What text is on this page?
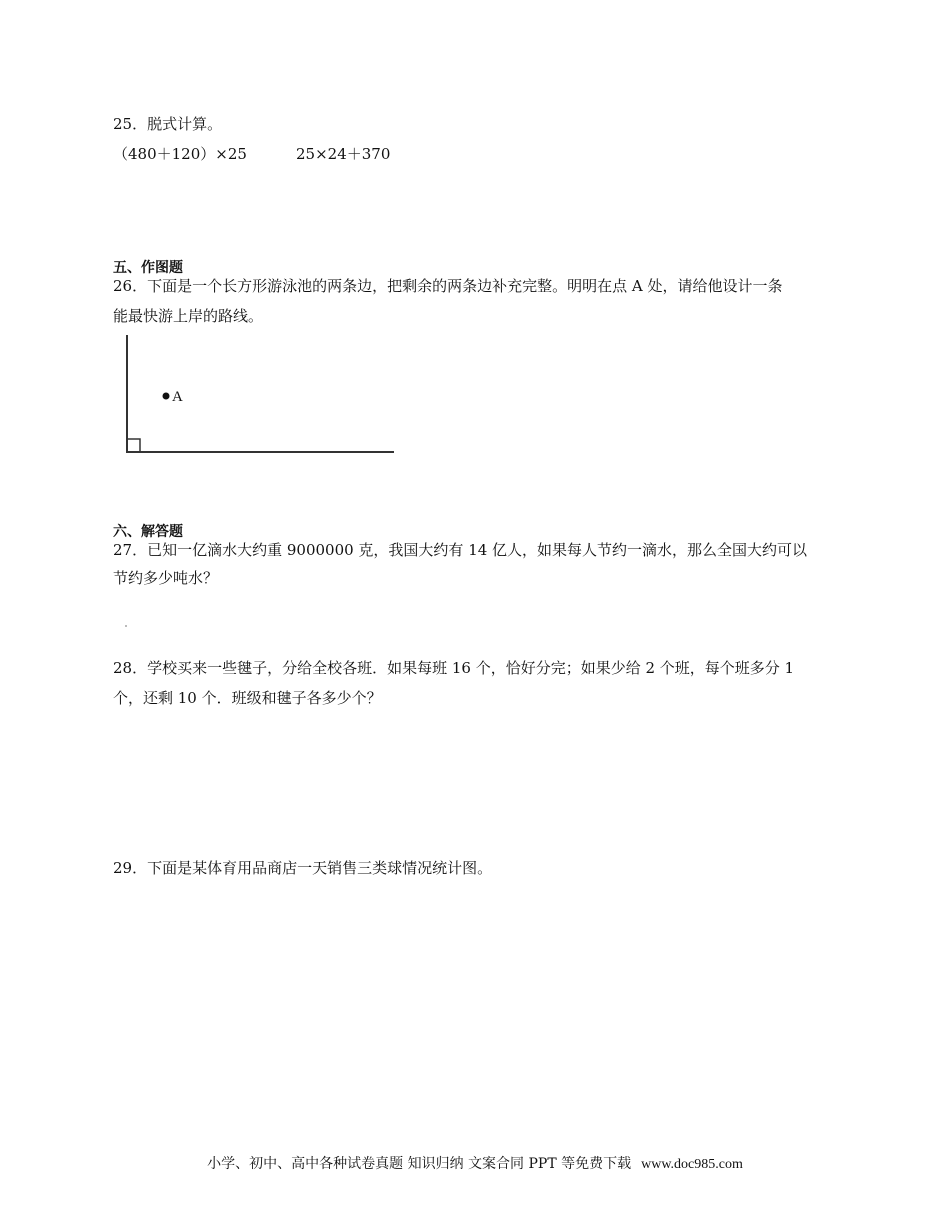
25．脱式计算。
（480＋120）×25	25×24＋370
五、作图题
26．下面是一个长方形游泳池的两条边，把剩余的两条边补充完整。明明在点 A 处，请给他设计一条
能最快游上岸的路线。
A
六、解答题
27．已知一亿滴水大约重 9000000 克，我国大约有 14 亿人，如果每人节约一滴水，那么全国大约可以
节约多少吨水？
28．学校买来一些毽子，分给全校各班．如果每班 16 个，恰好分完；如果少给 2 个班，每个班多分 1
个，还剩 10 个．班级和毽子各多少个？
29．下面是某体育用品商店一天销售三类球情况统计图。
小学、初中、高中各种试卷真题 知识归纳 文案合同 PPT 等免费下载 www.doc985.com
